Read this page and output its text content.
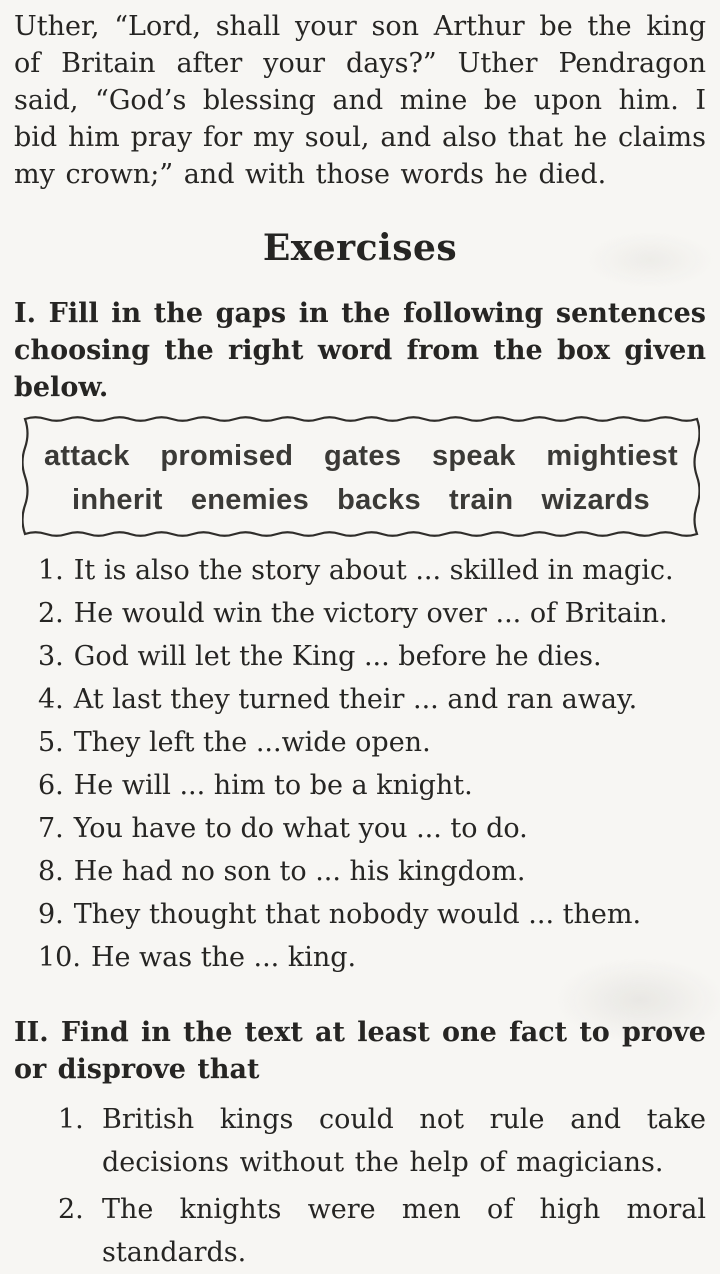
Uther, “Lord, shall your son Arthur be the king of Britain after your days?” Uther Pendragon said, “God’s blessing and mine be upon him. I bid him pray for my soul, and also that he claims my crown;” and with those words he died.

Exercises

I. Fill in the gaps in the following sentences choosing the right word from the box given below.

attack promised gates speak mightiest
inherit enemies backs train wizards
1. It is also the story about ... skilled in magic.
2. He would win the victory over ... of Britain.
3. God will let the King ... before he dies.
4. At last they turned their ... and ran away.
5. They left the ...wide open.
6. He will ... him to be a knight.
7. You have to do what you ... to do.
8. He had no son to ... his kingdom.
9. They thought that nobody would ... them.
10. He was the ... king.

II. Find in the text at least one fact to prove or disprove that

1. British kings could not rule and take decisions without the help of magicians.
2. The knights were men of high moral standards.
